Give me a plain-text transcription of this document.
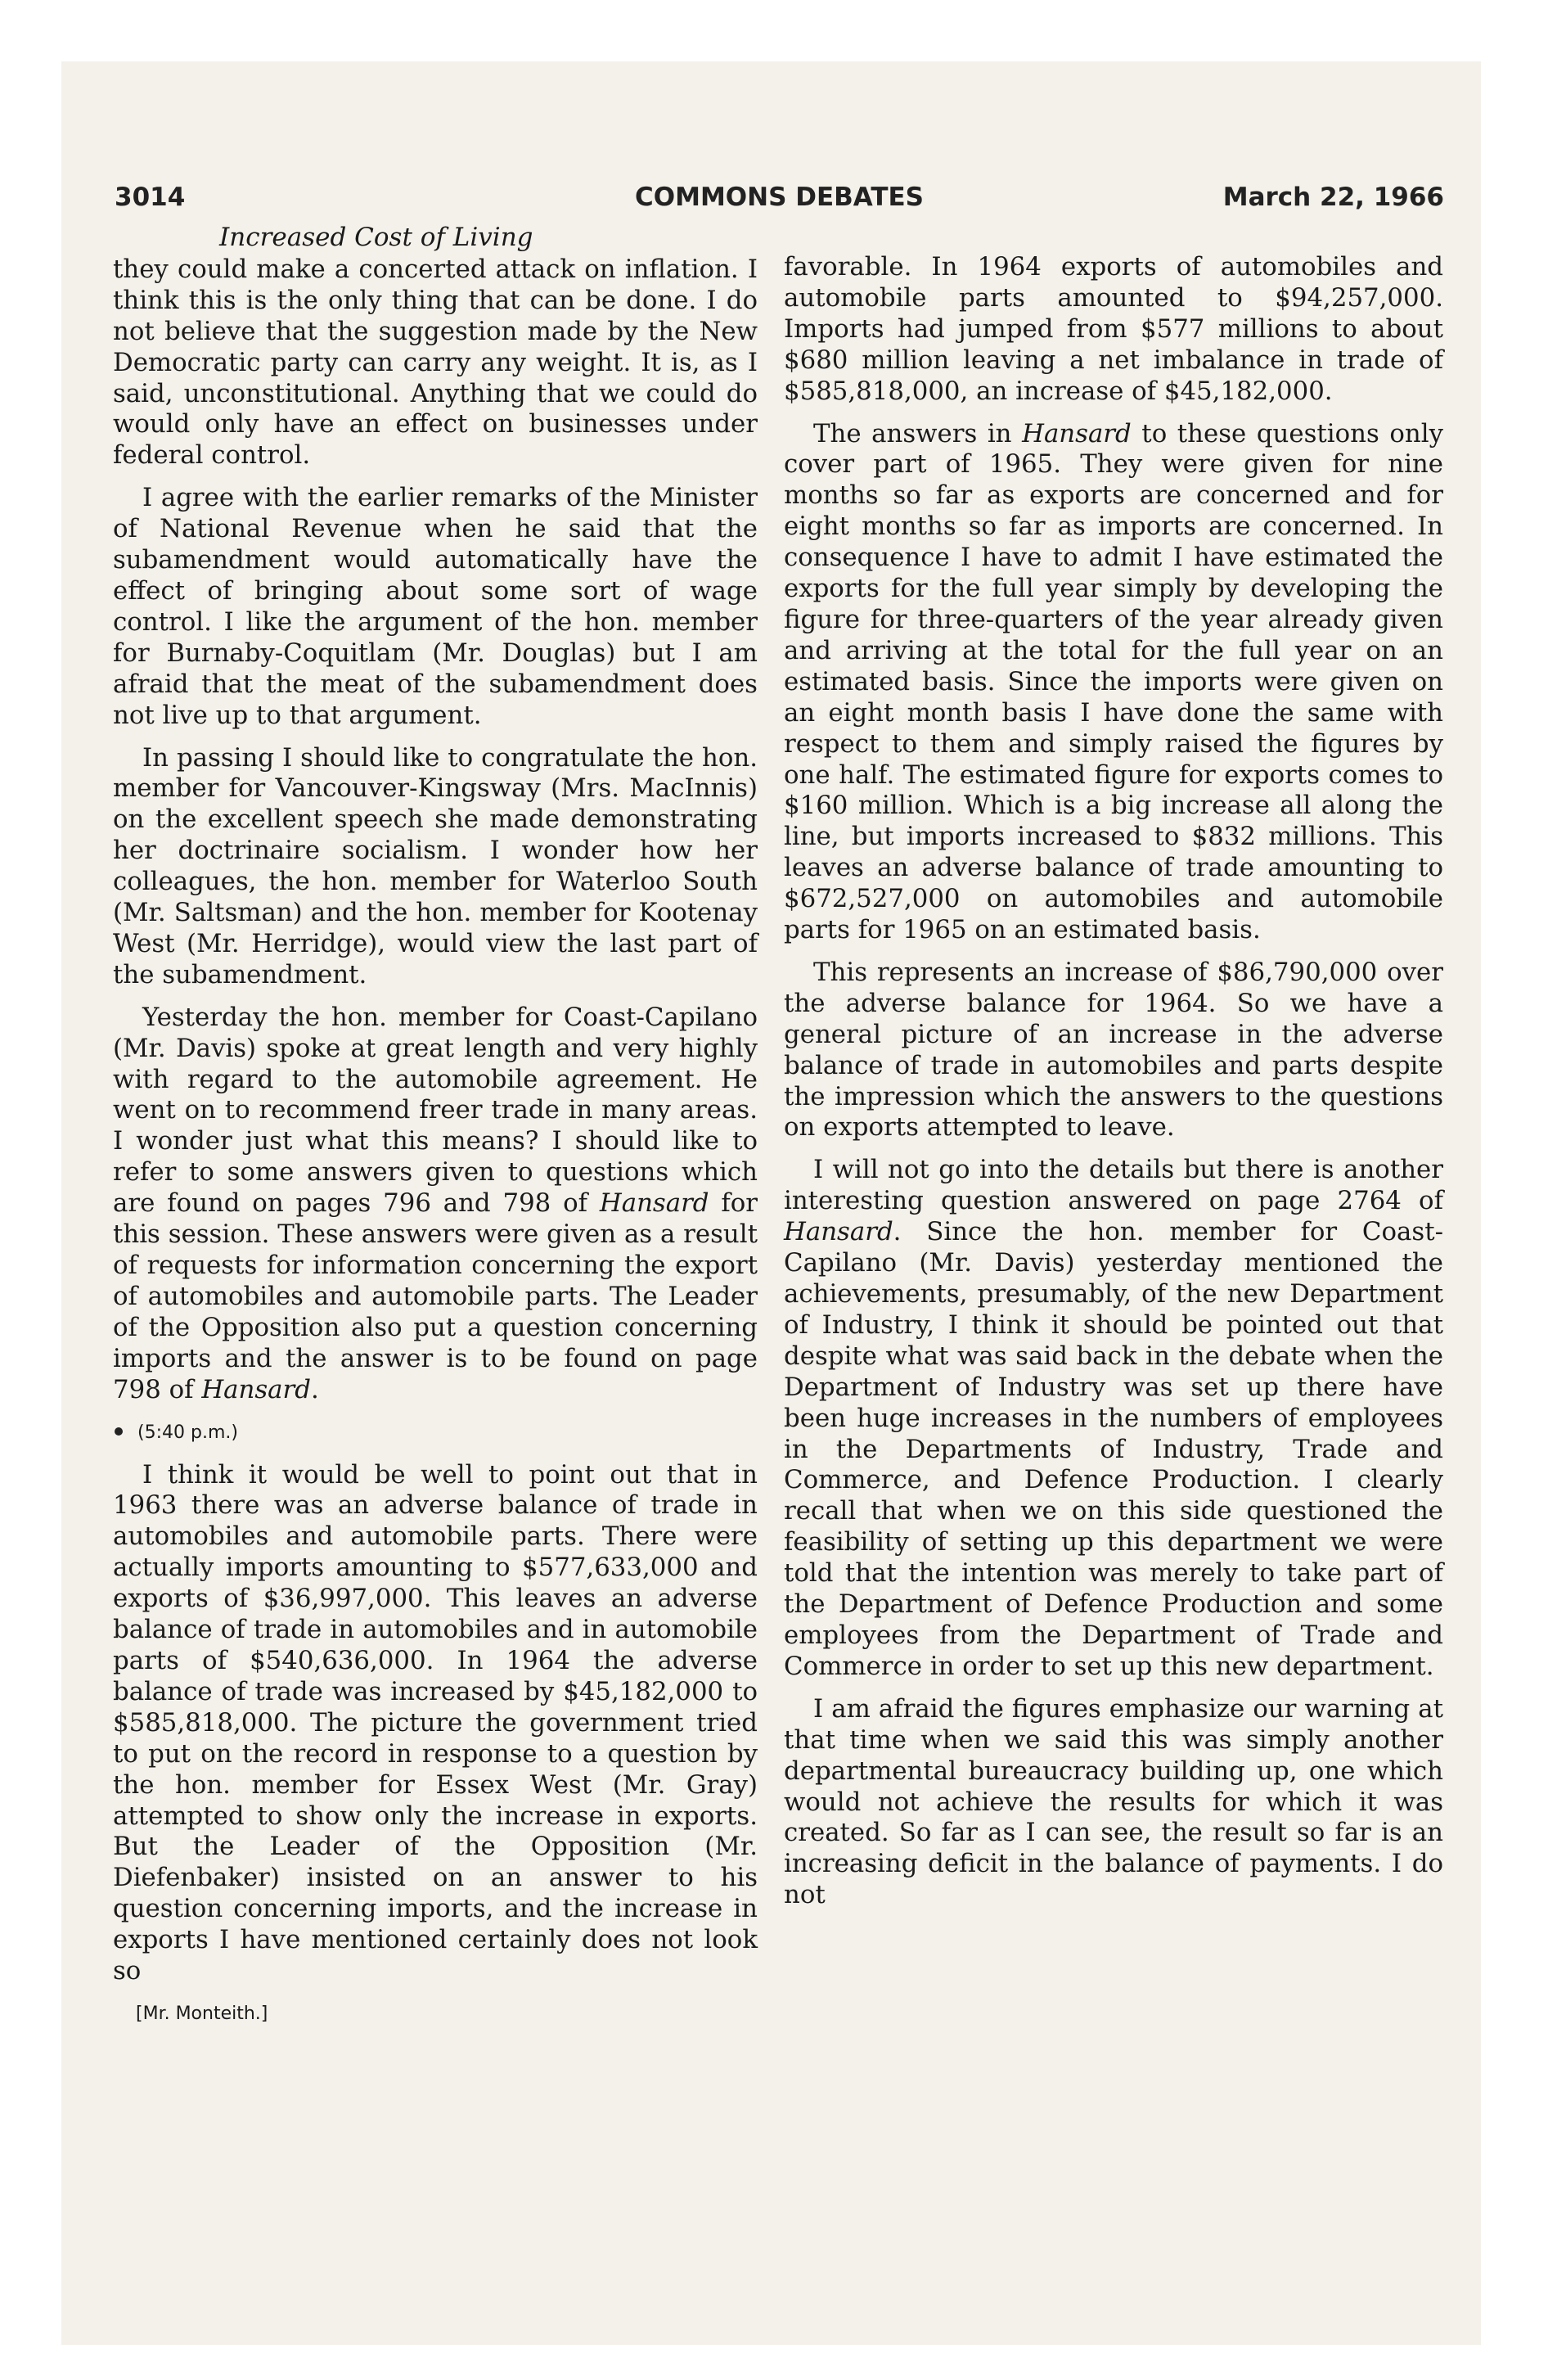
3014	COMMONS DEBATES	March 22, 1966
Increased Cost of Living

they could make a concerted attack on inflation. I think this is the only thing that can be done. I do not believe that the suggestion made by the New Democratic party can carry any weight. It is, as I said, unconstitutional. Anything that we could do would only have an effect on businesses under federal control.

I agree with the earlier remarks of the Minister of National Revenue when he said that the subamendment would automatically have the effect of bringing about some sort of wage control. I like the argument of the hon. member for Burnaby-Coquitlam (Mr. Douglas) but I am afraid that the meat of the subamendment does not live up to that argument.

In passing I should like to congratulate the hon. member for Vancouver-Kingsway (Mrs. MacInnis) on the excellent speech she made demonstrating her doctrinaire socialism. I wonder how her colleagues, the hon. member for Waterloo South (Mr. Saltsman) and the hon. member for Kootenay West (Mr. Herridge), would view the last part of the subamendment.

Yesterday the hon. member for Coast-Capilano (Mr. Davis) spoke at great length and very highly with regard to the automobile agreement. He went on to recommend freer trade in many areas. I wonder just what this means? I should like to refer to some answers given to questions which are found on pages 796 and 798 of Hansard for this session. These answers were given as a result of requests for information concerning the export of automobiles and automobile parts. The Leader of the Opposition also put a question concerning imports and the answer is to be found on page 798 of Hansard.

(5:40 p.m.)

I think it would be well to point out that in 1963 there was an adverse balance of trade in automobiles and automobile parts. There were actually imports amounting to $577,633,000 and exports of $36,997,000. This leaves an adverse balance of trade in automobiles and in automobile parts of $540,636,000. In 1964 the adverse balance of trade was increased by $45,182,000 to $585,818,000. The picture the government tried to put on the record in response to a question by the hon. member for Essex West (Mr. Gray) attempted to show only the increase in exports. But the Leader of the Opposition (Mr. Diefenbaker) insisted on an answer to his question concerning imports, and the increase in exports I have mentioned certainly does not look so

[Mr. Monteith.]

favorable. In 1964 exports of automobiles and automobile parts amounted to $94,257,000. Imports had jumped from $577 millions to about $680 million leaving a net imbalance in trade of $585,818,000, an increase of $45,182,000.

The answers in Hansard to these questions only cover part of 1965. They were given for nine months so far as exports are concerned and for eight months so far as imports are concerned. In consequence I have to admit I have estimated the exports for the full year simply by developing the figure for three-quarters of the year already given and arriving at the total for the full year on an estimated basis. Since the imports were given on an eight month basis I have done the same with respect to them and simply raised the figures by one half. The estimated figure for exports comes to $160 million. Which is a big increase all along the line, but imports increased to $832 millions. This leaves an adverse balance of trade amounting to $672,527,000 on automobiles and automobile parts for 1965 on an estimated basis.

This represents an increase of $86,790,000 over the adverse balance for 1964. So we have a general picture of an increase in the adverse balance of trade in automobiles and parts despite the impression which the answers to the questions on exports attempted to leave.

I will not go into the details but there is another interesting question answered on page 2764 of Hansard. Since the hon. member for Coast-Capilano (Mr. Davis) yesterday mentioned the achievements, presumably, of the new Department of Industry, I think it should be pointed out that despite what was said back in the debate when the Department of Industry was set up there have been huge increases in the numbers of employees in the Departments of Industry, Trade and Commerce, and Defence Production. I clearly recall that when we on this side questioned the feasibility of setting up this department we were told that the intention was merely to take part of the Department of Defence Production and some employees from the Department of Trade and Commerce in order to set up this new department.

I am afraid the figures emphasize our warning at that time when we said this was simply another departmental bureaucracy building up, one which would not achieve the results for which it was created. So far as I can see, the result so far is an increasing deficit in the balance of payments. I do not
